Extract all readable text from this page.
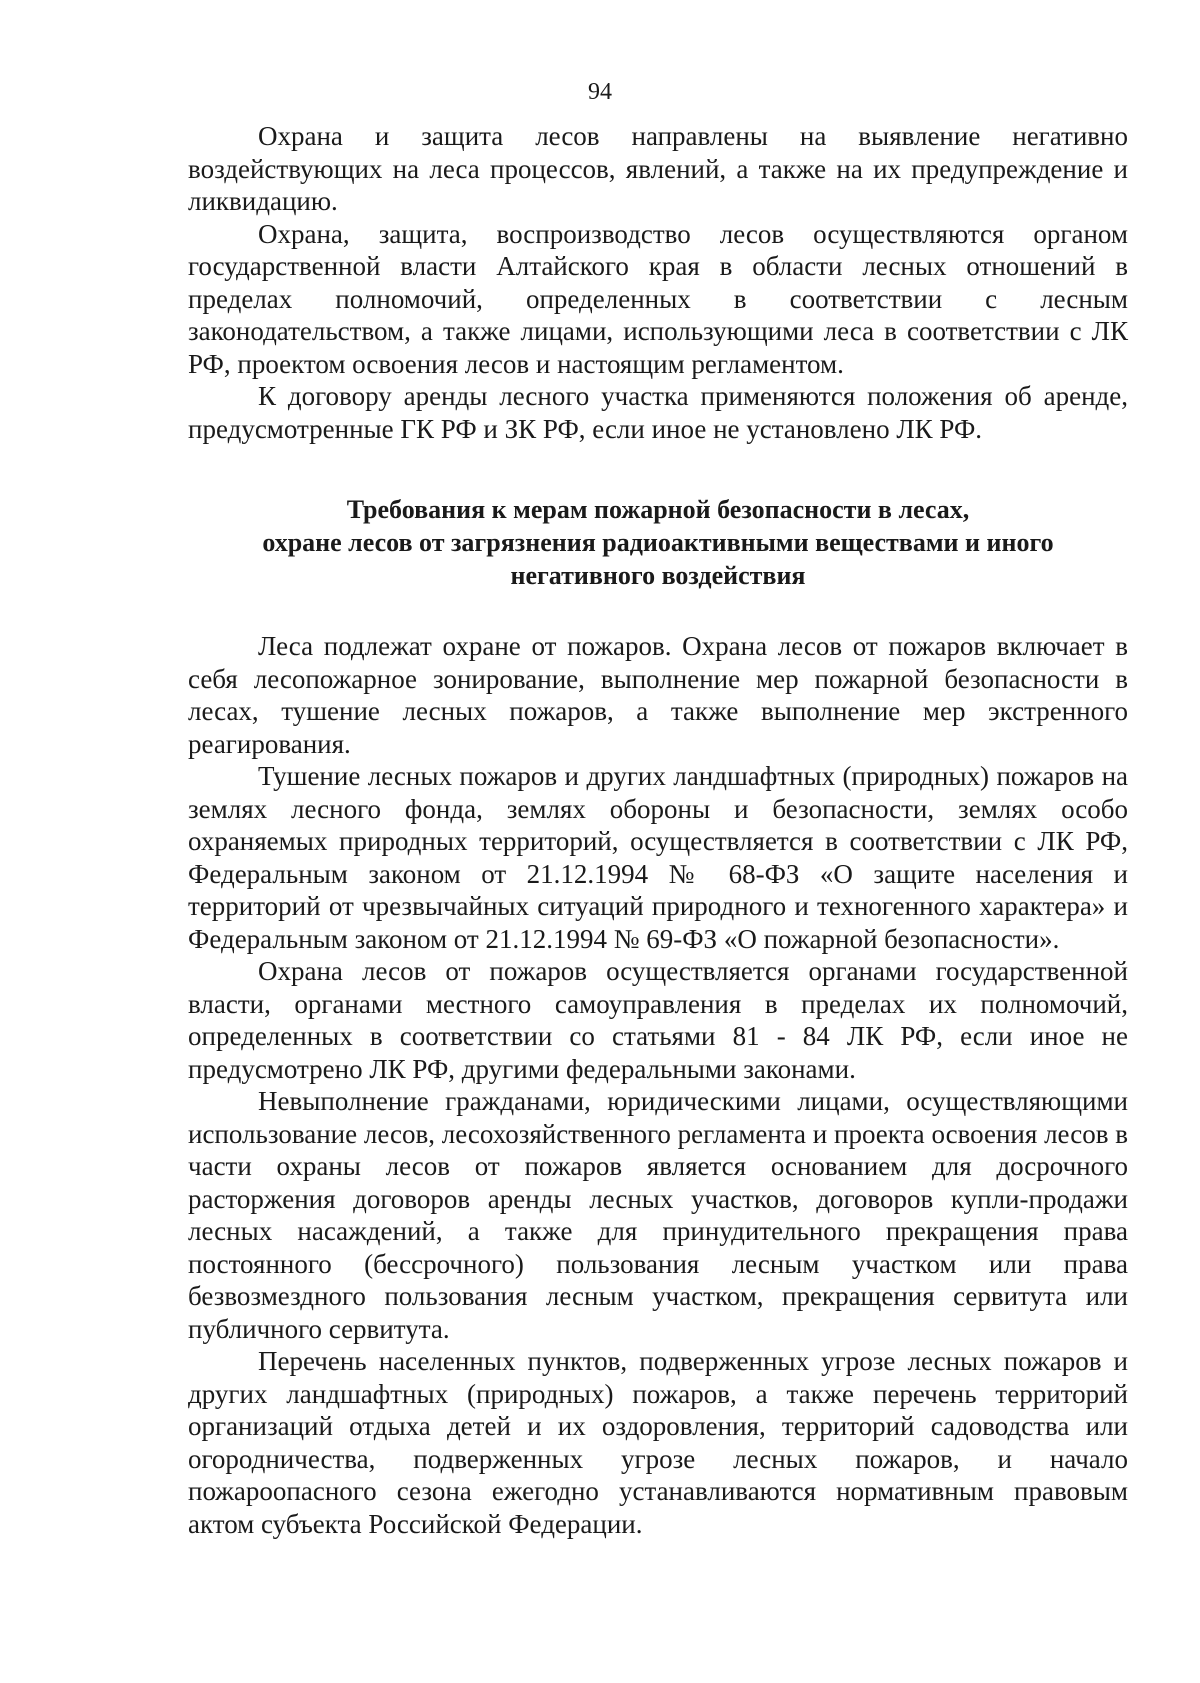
94

Охрана и защита лесов направлены на выявление негативно воздействующих на леса процессов, явлений, а также на их предупреждение и ликвидацию.

Охрана, защита, воспроизводство лесов осуществляются органом государственной власти Алтайского края в области лесных отношений в пределах полномочий, определенных в соответствии с лесным законодательством, а также лицами, использующими леса в соответствии с ЛК РФ, проектом освоения лесов и настоящим регламентом.

К договору аренды лесного участка применяются положения об аренде, предусмотренные ГК РФ и ЗК РФ, если иное не установлено ЛК РФ.

Требования к мерам пожарной безопасности в лесах,
охране лесов от загрязнения радиоактивными веществами и иного
негативного воздействия

Леса подлежат охране от пожаров. Охрана лесов от пожаров включает в себя лесопожарное зонирование, выполнение мер пожарной безопасности в лесах, тушение лесных пожаров, а также выполнение мер экстренного реагирования.

Тушение лесных пожаров и других ландшафтных (природных) пожаров на землях лесного фонда, землях обороны и безопасности, землях особо охраняемых природных территорий, осуществляется в соответствии с ЛК РФ, Федеральным законом от 21.12.1994 № 68-ФЗ «О защите населения и территорий от чрезвычайных ситуаций природного и техногенного характера» и Федеральным законом от 21.12.1994 № 69-ФЗ «О пожарной безопасности».

Охрана лесов от пожаров осуществляется органами государственной власти, органами местного самоуправления в пределах их полномочий, определенных в соответствии со статьями 81 - 84 ЛК РФ, если иное не предусмотрено ЛК РФ, другими федеральными законами.

Невыполнение гражданами, юридическими лицами, осуществляющими использование лесов, лесохозяйственного регламента и проекта освоения лесов в части охраны лесов от пожаров является основанием для досрочного расторжения договоров аренды лесных участков, договоров купли-продажи лесных насаждений, а также для принудительного прекращения права постоянного (бессрочного) пользования лесным участком или права безвозмездного пользования лесным участком, прекращения сервитута или публичного сервитута.

Перечень населенных пунктов, подверженных угрозе лесных пожаров и других ландшафтных (природных) пожаров, а также перечень территорий организаций отдыха детей и их оздоровления, территорий садоводства или огородничества, подверженных угрозе лесных пожаров, и начало пожароопасного сезона ежегодно устанавливаются нормативным правовым актом субъекта Российской Федерации.
